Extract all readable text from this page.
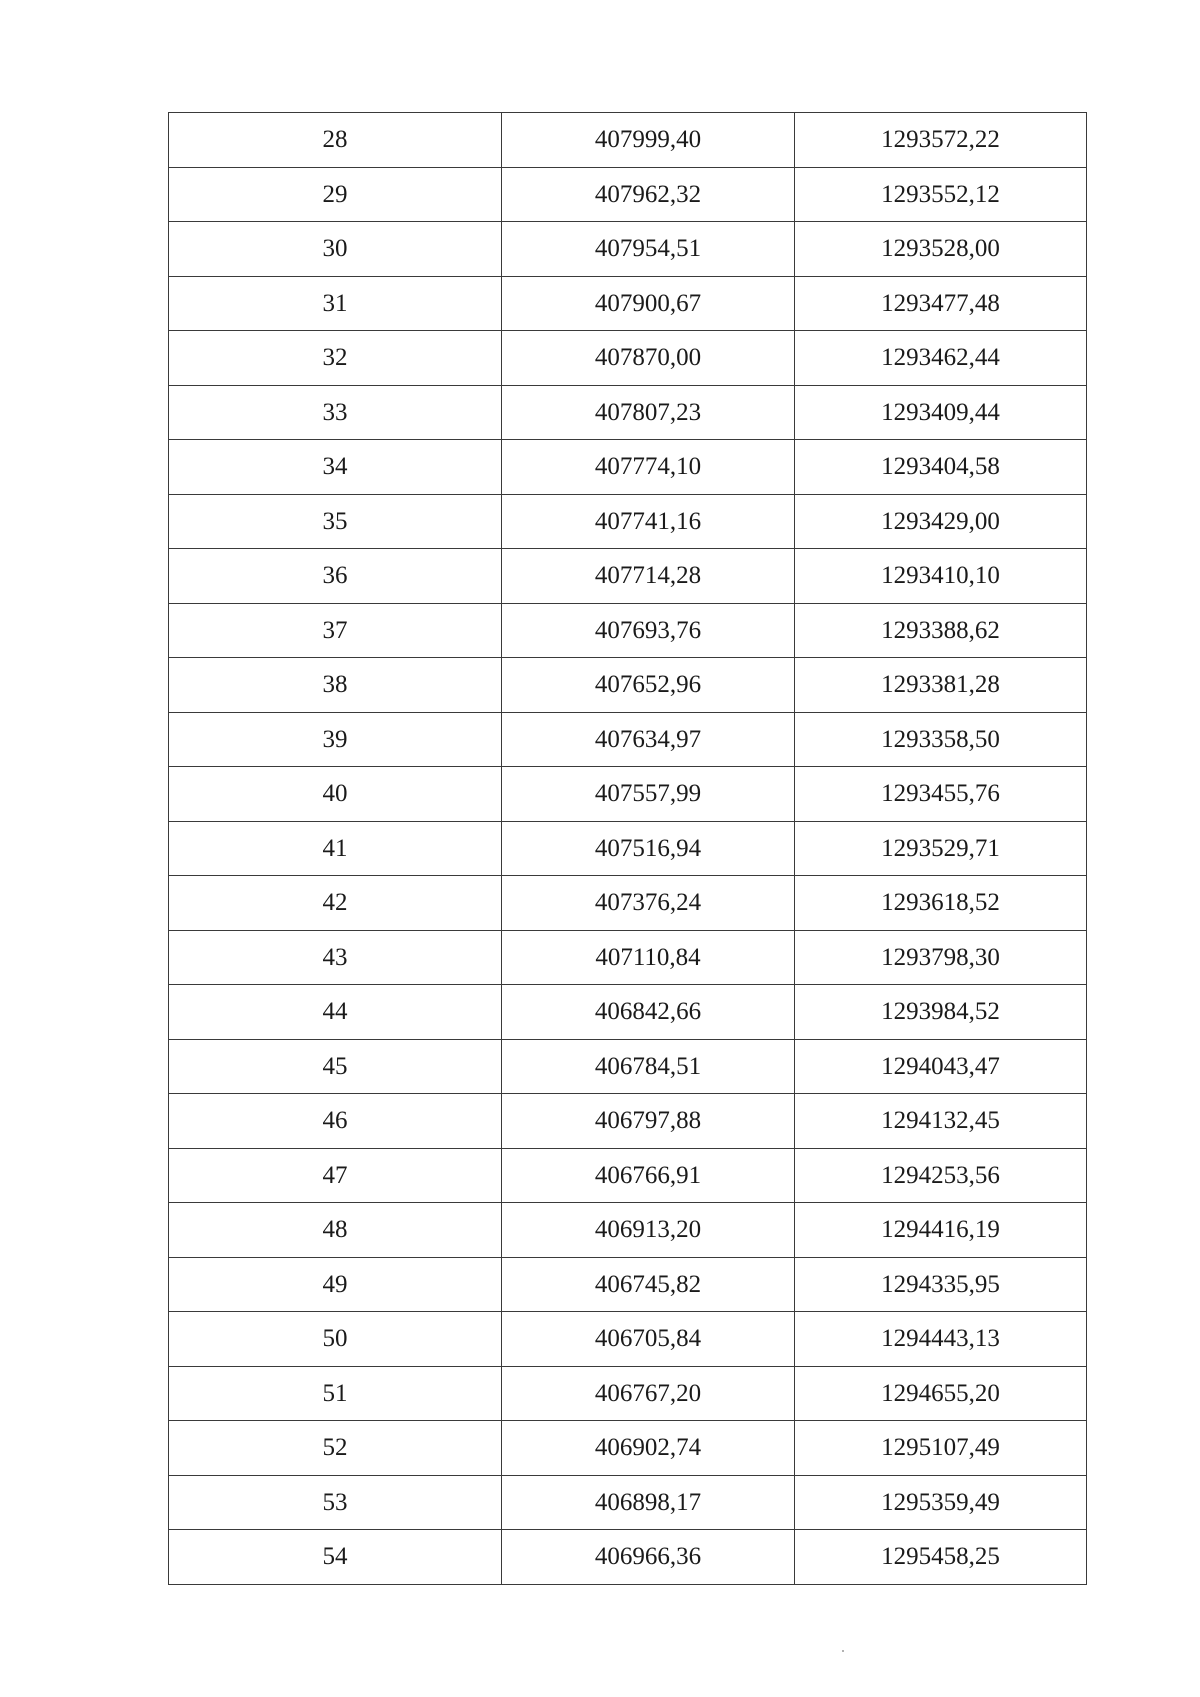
28	407999,40	1293572,22
29	407962,32	1293552,12
30	407954,51	1293528,00
31	407900,67	1293477,48
32	407870,00	1293462,44
33	407807,23	1293409,44
34	407774,10	1293404,58
35	407741,16	1293429,00
36	407714,28	1293410,10
37	407693,76	1293388,62
38	407652,96	1293381,28
39	407634,97	1293358,50
40	407557,99	1293455,76
41	407516,94	1293529,71
42	407376,24	1293618,52
43	407110,84	1293798,30
44	406842,66	1293984,52
45	406784,51	1294043,47
46	406797,88	1294132,45
47	406766,91	1294253,56
48	406913,20	1294416,19
49	406745,82	1294335,95
50	406705,84	1294443,13
51	406767,20	1294655,20
52	406902,74	1295107,49
53	406898,17	1295359,49
54	406966,36	1295458,25
